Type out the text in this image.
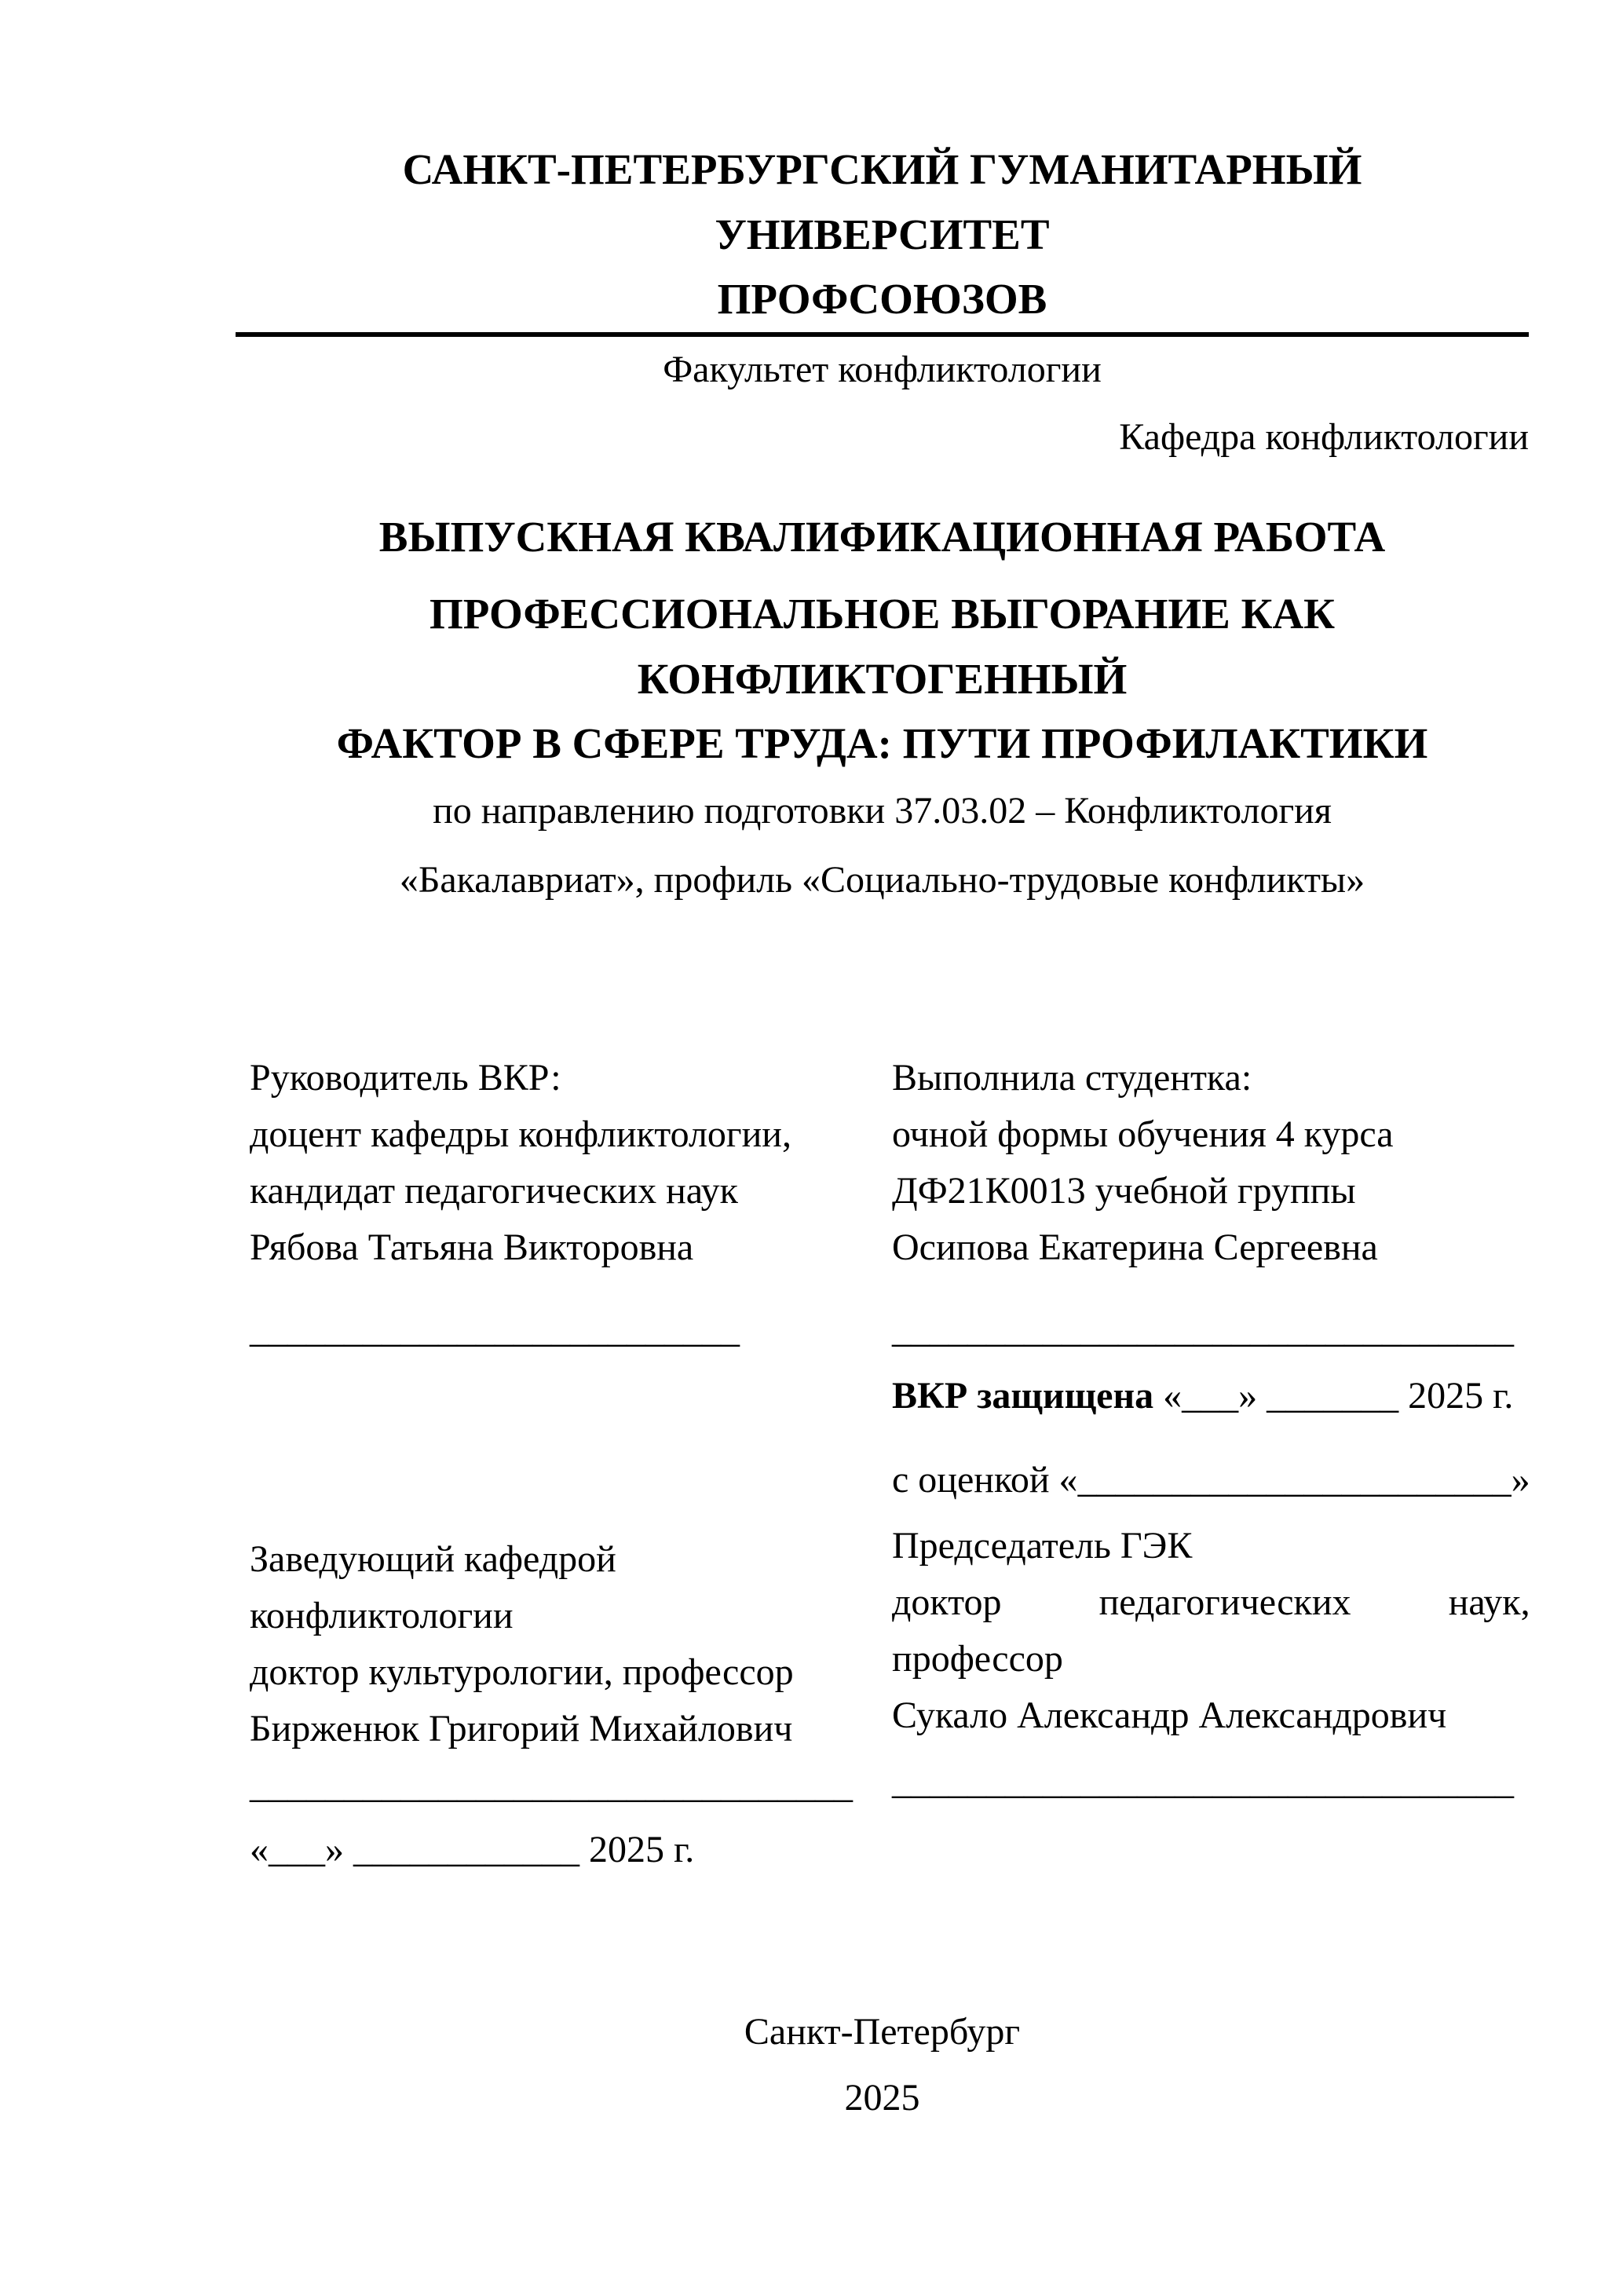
САНКТ-ПЕТЕРБУРГСКИЙ ГУМАНИТАРНЫЙ УНИВЕРСИТЕТ
ПРОФСОЮЗОВ
Факультет конфликтологии
Кафедра конфликтологии
ВЫПУСКНАЯ КВАЛИФИКАЦИОННАЯ РАБОТА
ПРОФЕССИОНАЛЬНОЕ ВЫГОРАНИЕ КАК КОНФЛИКТОГЕННЫЙ
ФАКТОР В СФЕРЕ ТРУДА: ПУТИ ПРОФИЛАКТИКИ
по направлению подготовки 37.03.02 – Конфликтология
«Бакалавриат», профиль «Социально-трудовые конфликты»
Руководитель ВКР:
доцент кафедры конфликтологии,
кандидат педагогических наук
Рябова Татьяна Викторовна
__________________________
Заведующий кафедрой
конфликтологии
доктор культурологии, профессор
Бирженюк Григорий Михайлович
________________________________
«___» ____________ 2025 г.
Выполнила студентка:
очной формы обучения 4 курса
ДФ21К0013 учебной группы
Осипова Екатерина Сергеевна
_________________________________
ВКР защищена «___» _______ 2025 г.
с оценкой «_______________________»
Председатель ГЭК
доктор педагогических наук,
профессор
Сукало Александр Александрович
_________________________________
Санкт-Петербург
2025
